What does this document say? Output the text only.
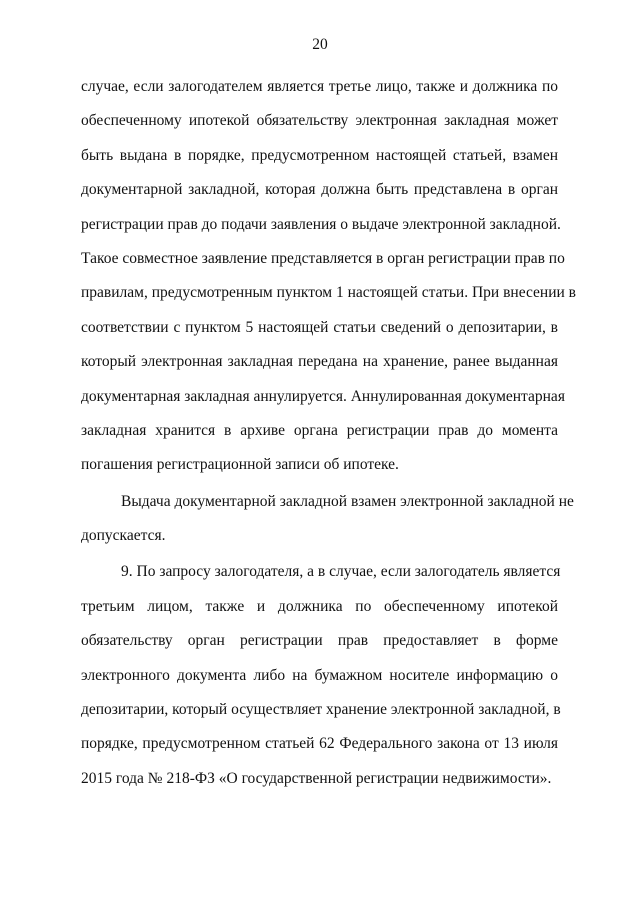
20
случае, если залогодателем является третье лицо, также и должника по
обеспеченному ипотекой обязательству электронная закладная может
быть выдана в порядке, предусмотренном настоящей статьей, взамен
документарной закладной, которая должна быть представлена в орган
регистрации прав до подачи заявления о выдаче электронной закладной.
Такое совместное заявление представляется в орган регистрации прав по
правилам, предусмотренным пунктом 1 настоящей статьи. При внесении в
соответствии с пунктом 5 настоящей статьи сведений о депозитарии, в
который электронная закладная передана на хранение, ранее выданная
документарная закладная аннулируется. Аннулированная документарная
закладная хранится в архиве органа регистрации прав до момента
погашения регистрационной записи об ипотеке.
Выдача документарной закладной взамен электронной закладной не
допускается.
9. По запросу залогодателя, а в случае, если залогодатель является
третьим лицом, также и должника по обеспеченному ипотекой
обязательству орган регистрации прав предоставляет в форме
электронного документа либо на бумажном носителе информацию о
депозитарии, который осуществляет хранение электронной закладной, в
порядке, предусмотренном статьей 62 Федерального закона от 13 июля
2015 года № 218-ФЗ «О государственной регистрации недвижимости».
